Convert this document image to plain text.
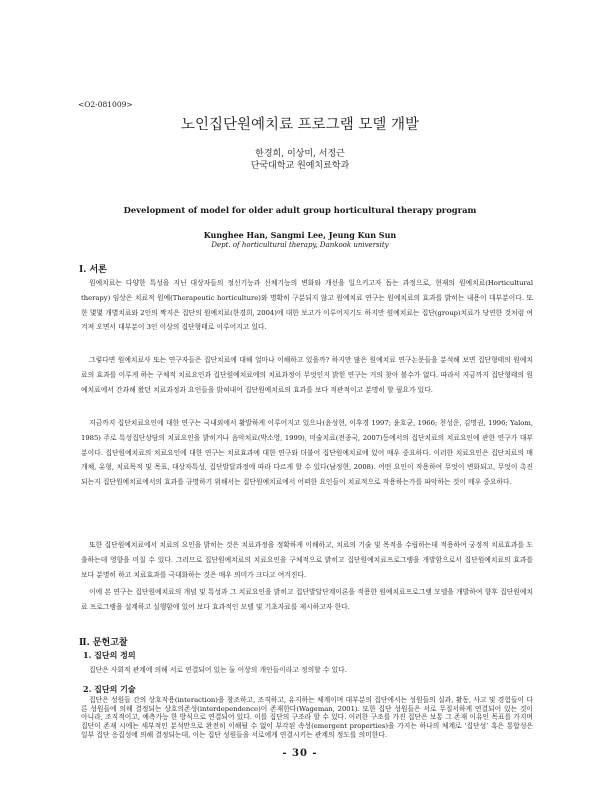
<O2-081009>
노인집단원예치료 프로그램 모델 개발
한경희, 이상미, 서정근
단국대학교 원예치료학과
Development of model for older adult group horticultural therapy program
Kunghee Han, Sangmi Lee, Jeung Kun Sun
Dept. of horticultural therapy, Dankook university
Ⅰ. 서론

원예치료는 다양한 특성을 지닌 대상자들의 정신기능과 신체기능의 변화와 개선을 일으키고자 돕는 과정으로, 현재의 원예치료(Horticultural therapy) 임상은 치료적 원예(Therapeutic horticulture)와 명확히 구분되지 않고 원예치료 연구는 원예치료의 효과를 밝히는 내용이 대부분이다. 또한 몇몇 개별치료와 2인의 짝지은 집단의 원예치료(한경희, 2004)에 대한 보고가 이루어지기도 하지만 원예치료는 집단(group)치료가 당연한 것처럼 여겨져 오면서 대부분이 3인 이상의 집단형태로 이루어지고 있다.

그렇다면 원예치료사 또는 연구자들은 집단치료에 대해 얼마나 이해하고 있을까? 하지만 많은 원예치료 연구논문들을 분석해 보면 집단형태의 원예치료의 효과를 이루게 하는 구체적 치료요인과 집단원예치료에의 치료과정이 무엇인지 밝힌 연구는 거의 찾아 볼수가 없다. 따라서 지금까지 집단형태의 원예치료에서 간과해 왔던 치료과정과 요인들을 밝혀내어 집단원예치료의 효과를 보다 적관적이고 분명히 할 필요가 있다.

지금까지 집단치료요인에 대한 연구는 국내외에서 활발하게 이루어지고 있으나(윤성현, 이후경 1997; 윤호균, 1966; 천성운, 김명권, 1996; Yalom, 1985) 주로 특성집단상담의 치료요인을 밝히거나 음악치료(박소영, 1999), 미술치료(전종국, 2007)등에서의 집단치료의 치료요인에 관한 연구가 대부분이다. 집단원예치료의 치료요인에 대한 연구는 치료효과에 대한 연구와 더불어 집단원예치료에 있어 매우 중요하다. 이러한 치료요인은 집단치료의 매개체, 유형, 치료목적 및 목표, 대상자특성, 집단발달과정에 따라 다르게 할 수 있다(남정현, 2008). 어떤 요인이 작용하여 무엇이 변화되고, 무엇이 촉진되는지 집단원예치료에서의 효과를 규명하기 위해서는 집단원예치료에서 어떠한 요인들이 치료적으로 작용하는가를 파악하는 것이 매우 중요하다.

또한 집단원예치료에서 치료의 요인을 밝히는 것은 치료과정을 정확하게 이해하고, 치료의 기술 및 목적을 수립하는데 적용하여 궁정적 치료효과를 도출하는데 영향을 미칠 수 있다. 그러므로 집단원예치료의 치료요인을 구체적으로 밝히고 집단원예치료프로그램을 개발함으로서 집단원예치료의 효과를 보다 분명히 하고 치료효과를 극대화하는 것은 매우 의미가 크다고 여겨진다.

이에 본 연구는 집단원예치료의 개념 및 특성과 그 치료요인을 밝히고 집단발달단계이론을 적용한 원예치료프로그램 모델을 개발하여 향후 집단원예치료 프로그램을 설계하고 실행함에 있어 보다 효과적인 모델 및 기초자료를 제시하고자 한다.

Ⅱ. 문헌고찰
1. 집단의 정의

집단은 사회적 관계에 의해 서로 연결되어 있는 둘 이상의 개인들이라고 정의할 수 있다.

2. 집단의 기술

집단은 성원들 간의 상호작용(interaction)을 창조하고, 조직하고, 유지하는 체계이며 대부분의 집단에서는 성원들의 실과, 활동, 사고 및 경험들이 다른 성원들에 의해 결정되는 상호의존성(interdependence)이 존재한다(Wageman, 2001). 또한 집단 성원들은 서로 무질서하게 연결되어 있는 것이 아니라, 조직적이고, 예측가능 한 방식으로 연결되어 있다. 이를 집단의 구조라 할 수 있다. 이러한 구조를 가진 집단은 보통 그 존재 이유인 목표를 가지며 집단이 존재 시에는 세부적인 분석만으로 완전히 이해될 수 없이 부각된 속성(emergent properties)을 가지는 하나의 체계로 ‘집단성’ 혹은 통합성은 일부 집단 응집성에 의해 결정되는데, 이는 집단 성원들을 서로에게 연결시키는 관계의 정도를 의미한다.

- 30 -
